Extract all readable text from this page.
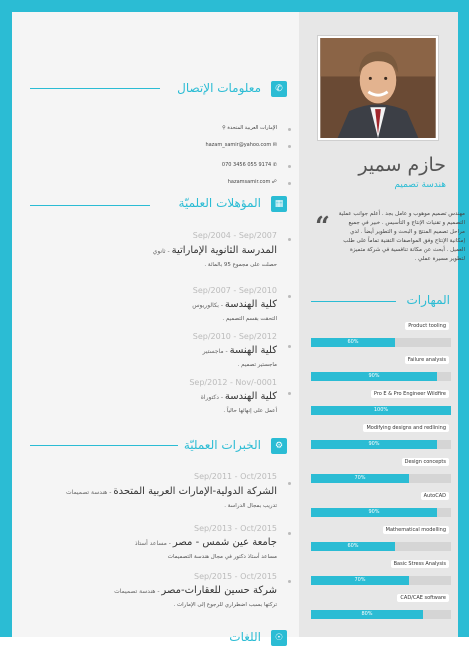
✆
معلومات الإتصال
⚲ الإمارات العربية المتحدة
hazam_samir@yahoo.com ✉
070 3456 055 9174 ✆
hazamsamir.com ☍
▦
المؤهلات العلميّة
Sep/2004 - Sep/2007
المدرسة الثانوية الإماراتية - ثانوي
حصلت على مجموع 95 بالمائة .
Sep/2007 - Sep/2010
كلية الهندسة - بكالوريوس
التحقت بقسم التصميم .
Sep/2010 - Sep/2012
كلية الهنسة - ماجستير
ماجستير تصميم .
Sep/2012 - Nov/-0001
كلية الهندسة - دكتوراة
أعمل على إنهائها حالياً .
⚙
الخبرات العمليّة
Sep/2011 - Oct/2015
الشركة الدولية-الإمارات العربية المتحدة - هندسة تصميمات
تدريب بمجال الدراسة .
Sep/2013 - Oct/2015
جامعة عين شمس - مصر - مساعد أستاذ
مساعد أستاذ دكتور في مجال هندسة التصميمات
Sep/2015 - Oct/2015
شركة حسين للعقارات-مصر - هندسة تصميمات
تركتها بسبب اضطراري للرجوع إلى الإمارات .
☉
اللغات
حازم سمير
هندسة تصميم
“	مهندس تصميم موهوب و عامل بجد . أعلم جوانب عملية التصميم و تقنيات الإنتاج و التأسيس . خبير في جميع مراحل تصميم المنتج و البحث و التطوير أيضاً . لدي إمكانية الإنتاج وفق المواصفات التقنية تماماً على طلب العميل . أبحث عن مكانة تنافسية في شركة متميزة لتطوير مسيرة عملي .
المهارات
Product tooling
60%
Failure analysis
90%
Pro E & Pro Engineer Wildfire
100%
Modifying designs and redlining
90%
Design concepts
70%
AutoCAD
90%
Mathematical modelling
60%
Basic Stress Analysis
70%
CAD/CAE software
80%
